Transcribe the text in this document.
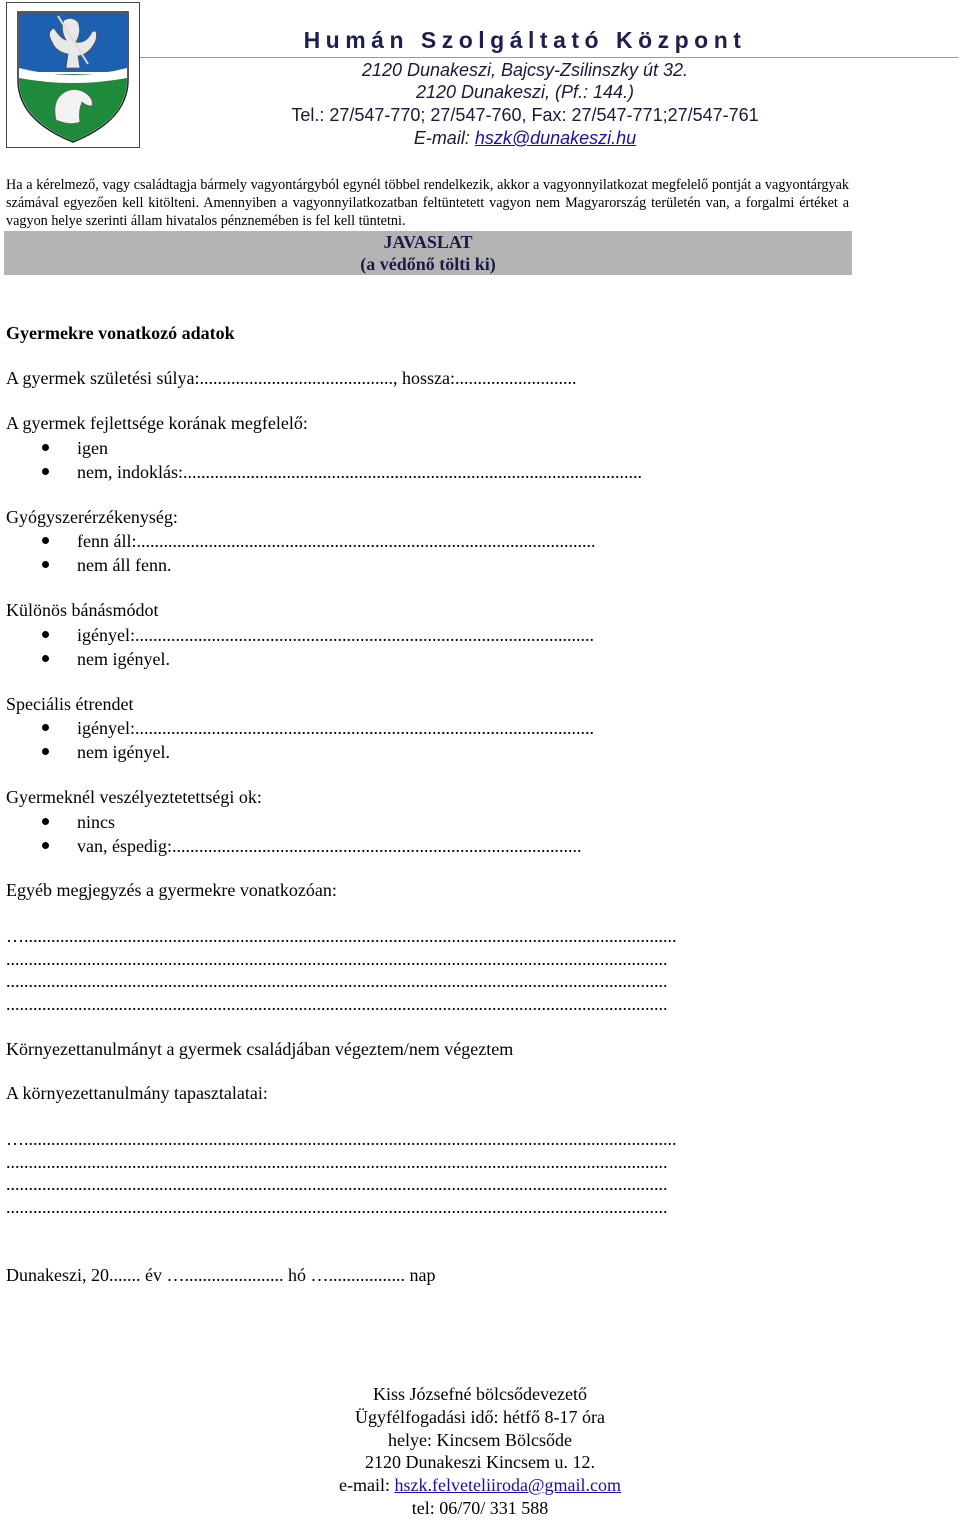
Humán Szolgáltató Központ
2120 Dunakeszi, Bajcsy-Zsilinszky út 32.
2120 Dunakeszi, (Pf.: 144.)
Tel.: 27/547-770; 27/547-760, Fax: 27/547-771;27/547-761
E-mail: hszk@dunakeszi.hu
Ha a kérelmező, vagy családtagja bármely vagyontárgyból egynél többel rendelkezik, akkor a vagyonnyilatkozat megfelelő pontját a vagyontárgyak számával egyezően kell kitölteni. Amennyiben a vagyonnyilatkozatban feltüntetett vagyon nem Magyarország területén van, a forgalmi értéket a vagyon helye szerinti állam hivatalos pénznemében is fel kell tüntetni.
JAVASLAT
(a védőnő tölti ki)
Gyermekre vonatkozó adatok
A gyermek születési súlya:..........................................., hossza:...........................
A gyermek fejlettsége korának megfelelő:
igen
nem, indoklás:......................................................................................................
Gyógyszerérzékenység:
fenn áll:......................................................................................................
nem áll fenn.
Különös bánásmódot
igényel:......................................................................................................
nem igényel.
Speciális étrendet
igényel:......................................................................................................
nem igényel.
Gyermeknél veszélyeztetettségi ok:
nincs
van, éspedig:...........................................................................................
Egyéb megjegyzés a gyermekre vonatkozóan:
….................................................................................................................................................
...................................................................................................................................................
...................................................................................................................................................
...................................................................................................................................................
Környezettanulmányt a gyermek családjában végeztem/nem végeztem
A környezettanulmány tapasztalatai:
….................................................................................................................................................
...................................................................................................................................................
...................................................................................................................................................
...................................................................................................................................................
Dunakeszi, 20....... év …...................... hó …................. nap
Kiss Józsefné bölcsődevezető
Ügyfélfogadási idő: hétfő 8-17 óra
helye: Kincsem Bölcsőde
2120 Dunakeszi Kincsem u. 12.
e-mail: hszk.felveteliiroda@gmail.com
tel: 06/70/ 331 588
